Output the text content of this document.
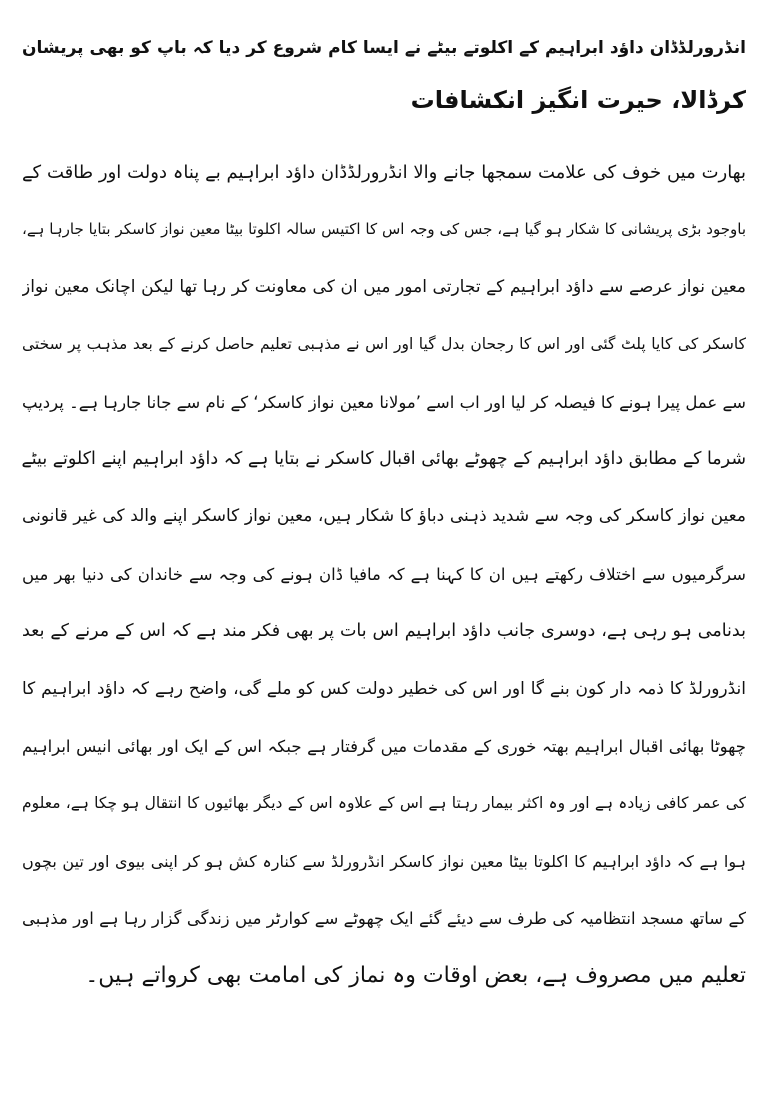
انڈرورلڈڈان داؤد ابراہیم کے اکلوتے بیٹے نے ایسا کام شروع کر دیا کہ باپ کو بھی پریشان
کرڈالا، حیرت انگیز انکشافات
بھارت میں خوف کی علامت سمجھا جانے والا انڈرورلڈڈان داؤد ابراہیم بے پناہ دولت اور طاقت کے
باوجود بڑی پریشانی کا شکار ہو گیا ہے، جس کی وجہ اس کا اکتیس سالہ اکلوتا بیٹا معین نواز کاسکر بتایا جارہا ہے،
معین نواز عرصے سے داؤد ابراہیم کے تجارتی امور میں ان کی معاونت کر رہا تھا لیکن اچانک معین نواز
کاسکر کی کایا پلٹ گئی اور اس کا رجحان بدل گیا اور اس نے مذہبی تعلیم حاصل کرنے کے بعد مذہب پر سختی
سے عمل پیرا ہونے کا فیصلہ کر لیا اور اب اسے ’مولانا معین نواز کاسکر‘ کے نام سے جانا جارہا ہے۔ پردیپ
شرما کے مطابق داؤد ابراہیم کے چھوٹے بھائی اقبال کاسکر نے بتایا ہے کہ داؤد ابراہیم اپنے اکلوتے بیٹے
معین نواز کاسکر کی وجہ سے شدید ذہنی دباؤ کا شکار ہیں، معین نواز کاسکر اپنے والد کی غیر قانونی
سرگرمیوں سے اختلاف رکھتے ہیں ان کا کہنا ہے کہ مافیا ڈان ہونے کی وجہ سے خاندان کی دنیا بھر میں
بدنامی ہو رہی ہے، دوسری جانب داؤد ابراہیم اس بات پر بھی فکر مند ہے کہ اس کے مرنے کے بعد
انڈرورلڈ کا ذمہ دار کون بنے گا اور اس کی خطیر دولت کس کو ملے گی، واضح رہے کہ داؤد ابراہیم کا
چھوٹا بھائی اقبال ابراہیم بھتہ خوری کے مقدمات میں گرفتار ہے جبکہ اس کے ایک اور بھائی انیس ابراہیم
کی عمر کافی زیادہ ہے اور وہ اکثر بیمار رہتا ہے اس کے علاوہ اس کے دیگر بھائیوں کا انتقال ہو چکا ہے، معلوم
ہوا ہے کہ داؤد ابراہیم کا اکلوتا بیٹا معین نواز کاسکر انڈرورلڈ سے کنارہ کش ہو کر اپنی بیوی اور تین بچوں
کے ساتھ مسجد انتظامیہ کی طرف سے دیئے گئے ایک چھوٹے سے کوارٹر میں زندگی گزار رہا ہے اور مذہبی
تعلیم میں مصروف ہے، بعض اوقات وہ نماز کی امامت بھی کرواتے ہیں۔
